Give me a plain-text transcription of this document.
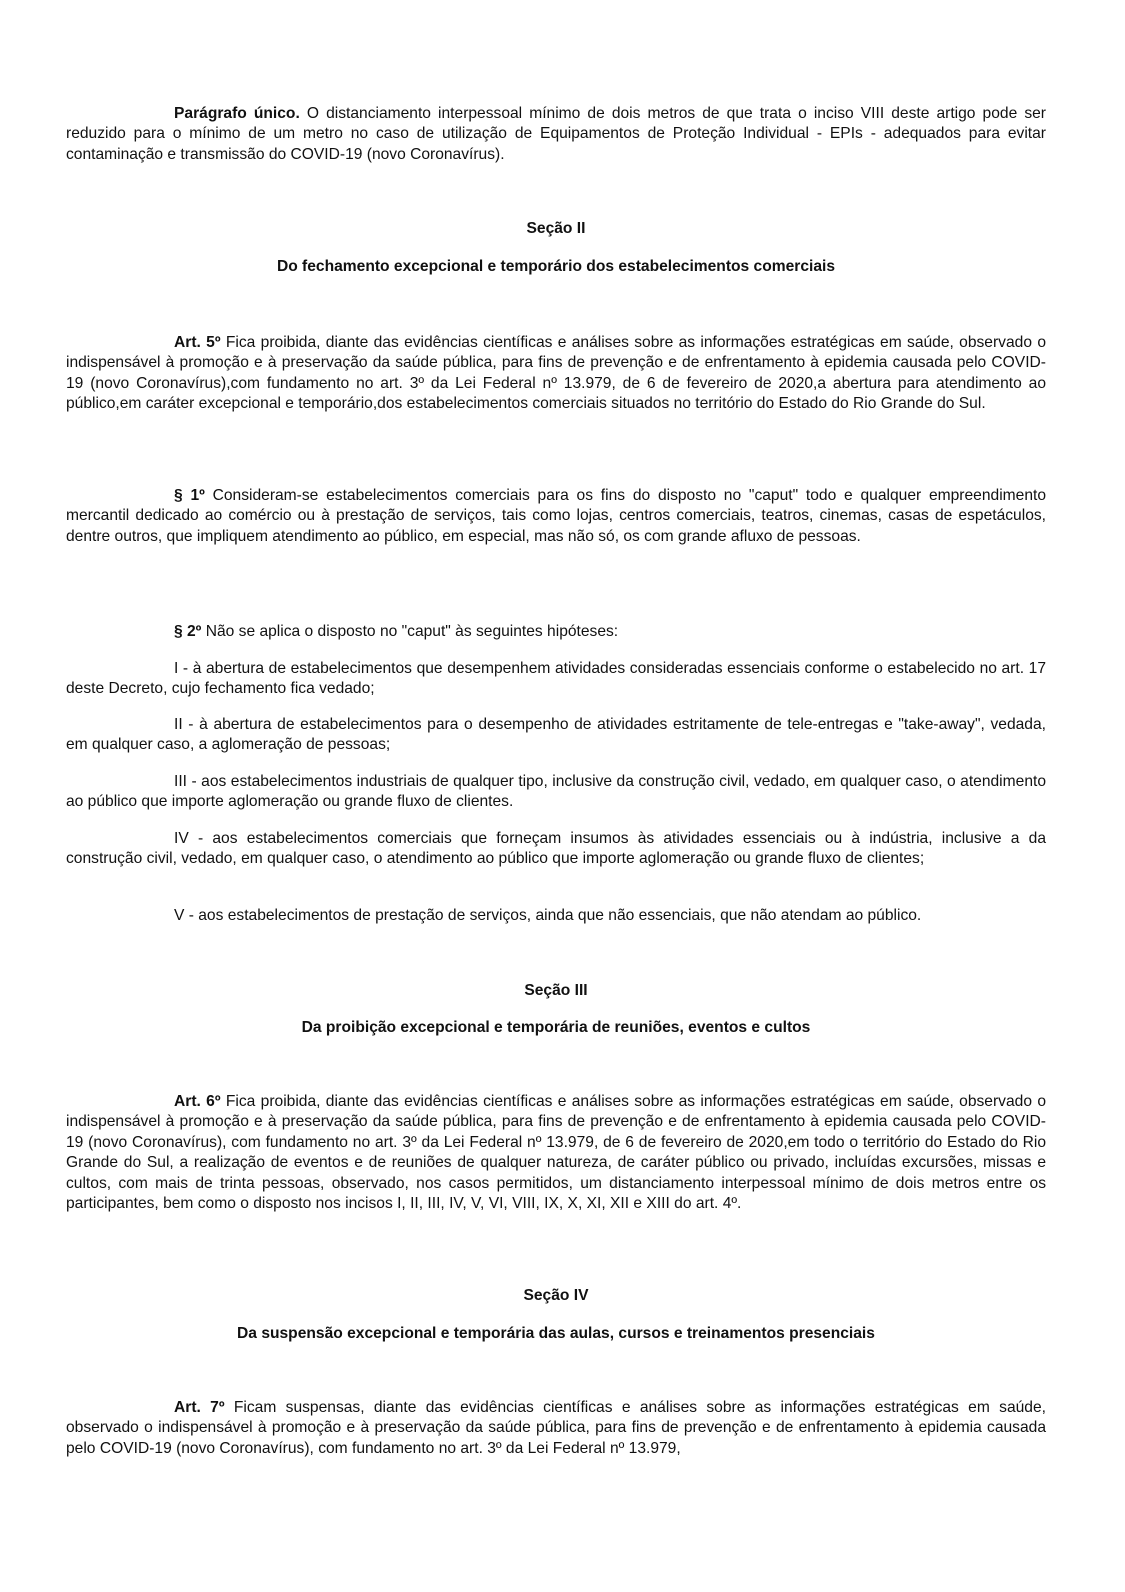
Parágrafo único. O distanciamento interpessoal mínimo de dois metros de que trata o inciso VIII deste artigo pode ser reduzido para o mínimo de um metro no caso de utilização de Equipamentos de Proteção Individual - EPIs - adequados para evitar contaminação e transmissão do COVID-19 (novo Coronavírus).

Seção II
Do fechamento excepcional e temporário dos estabelecimentos comerciais

Art. 5º Fica proibida, diante das evidências científicas e análises sobre as informações estratégicas em saúde, observado o indispensável à promoção e à preservação da saúde pública, para fins de prevenção e de enfrentamento à epidemia causada pelo COVID-19 (novo Coronavírus),com fundamento no art. 3º da Lei Federal nº 13.979, de 6 de fevereiro de 2020,a abertura para atendimento ao público,em caráter excepcional e temporário,dos estabelecimentos comerciais situados no território do Estado do Rio Grande do Sul.

§ 1º Consideram-se estabelecimentos comerciais para os fins do disposto no "caput" todo e qualquer empreendimento mercantil dedicado ao comércio ou à prestação de serviços, tais como lojas, centros comerciais, teatros, cinemas, casas de espetáculos, dentre outros, que impliquem atendimento ao público, em especial, mas não só, os com grande afluxo de pessoas.

§ 2º Não se aplica o disposto no "caput" às seguintes hipóteses:

I - à abertura de estabelecimentos que desempenhem atividades consideradas essenciais conforme o estabelecido no art. 17 deste Decreto, cujo fechamento fica vedado;

II - à abertura de estabelecimentos para o desempenho de atividades estritamente de tele-entregas e "take-away", vedada, em qualquer caso, a aglomeração de pessoas;

III - aos estabelecimentos industriais de qualquer tipo, inclusive da construção civil, vedado, em qualquer caso, o atendimento ao público que importe aglomeração ou grande fluxo de clientes.

IV - aos estabelecimentos comerciais que forneçam insumos às atividades essenciais ou à indústria, inclusive a da construção civil, vedado, em qualquer caso, o atendimento ao público que importe aglomeração ou grande fluxo de clientes;

V - aos estabelecimentos de prestação de serviços, ainda que não essenciais, que não atendam ao público.

Seção III
Da proibição excepcional e temporária de reuniões, eventos e cultos

Art. 6º Fica proibida, diante das evidências científicas e análises sobre as informações estratégicas em saúde, observado o indispensável à promoção e à preservação da saúde pública, para fins de prevenção e de enfrentamento à epidemia causada pelo COVID-19 (novo Coronavírus), com fundamento no art. 3º da Lei Federal nº 13.979, de 6 de fevereiro de 2020,em todo o território do Estado do Rio Grande do Sul, a realização de eventos e de reuniões de qualquer natureza, de caráter público ou privado, incluídas excursões, missas e cultos, com mais de trinta pessoas, observado, nos casos permitidos, um distanciamento interpessoal mínimo de dois metros entre os participantes, bem como o disposto nos incisos I, II, III, IV, V, VI, VIII, IX, X, XI, XII e XIII do art. 4º.

Seção IV
Da suspensão excepcional e temporária das aulas, cursos e treinamentos presenciais

Art. 7º Ficam suspensas, diante das evidências científicas e análises sobre as informações estratégicas em saúde, observado o indispensável à promoção e à preservação da saúde pública, para fins de prevenção e de enfrentamento à epidemia causada pelo COVID-19 (novo Coronavírus), com fundamento no art. 3º da Lei Federal nº 13.979,
